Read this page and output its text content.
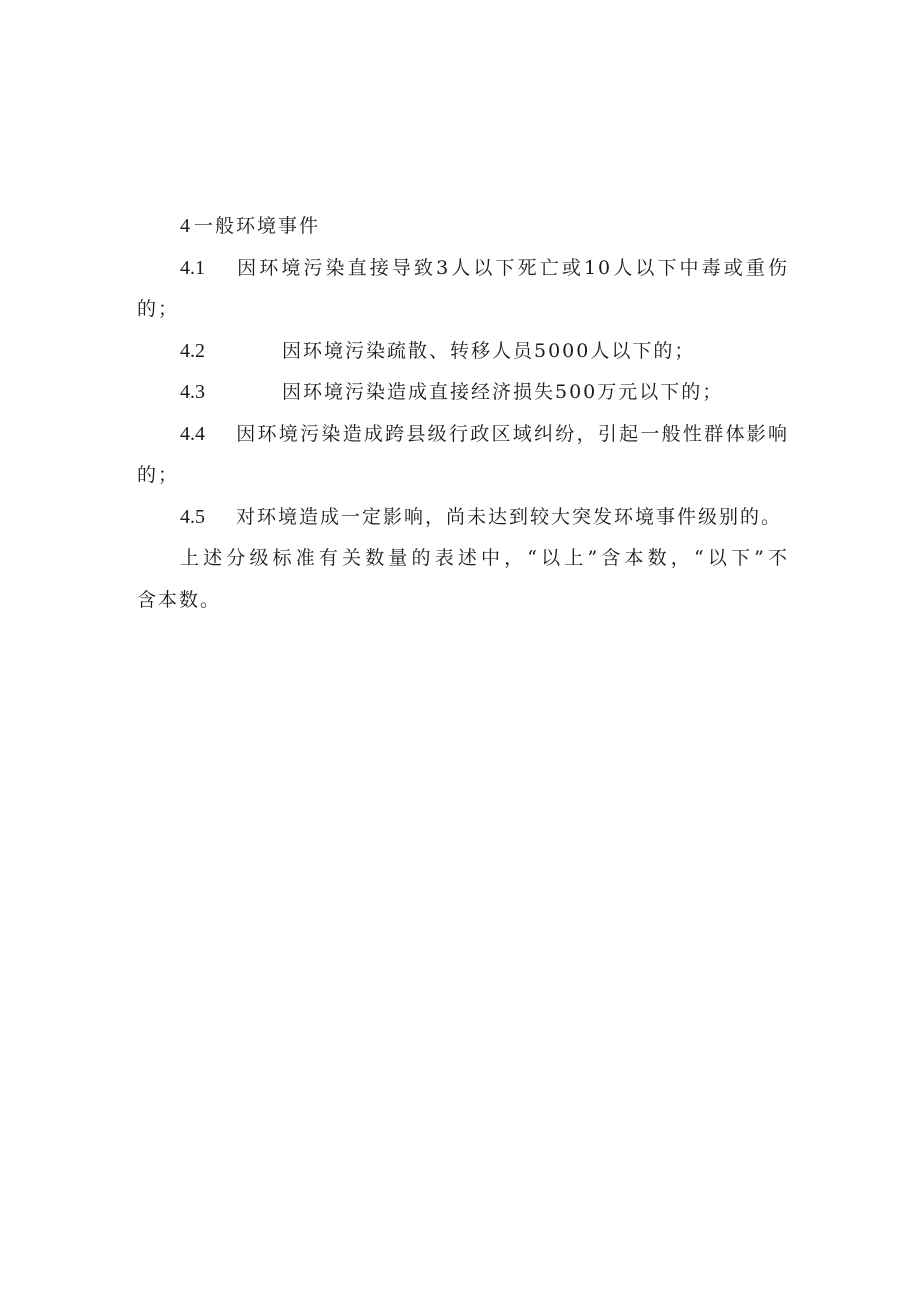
4 一般环境事件
4.1 因环境污染直接导致3人以下死亡或10人以下中毒或重伤
的；
4.2	因环境污染疏散、转移人员5000人以下的；
4.3	因环境污染造成直接经济损失500万元以下的；
4.4 因环境污染造成跨县级行政区域纠纷，引起一般性群体影响
的；
4.5 对环境造成一定影响，尚未达到较大突发环境事件级别的。
上述分级标准有关数量的表述中，“以上”含本数，“以下”不
含本数。
